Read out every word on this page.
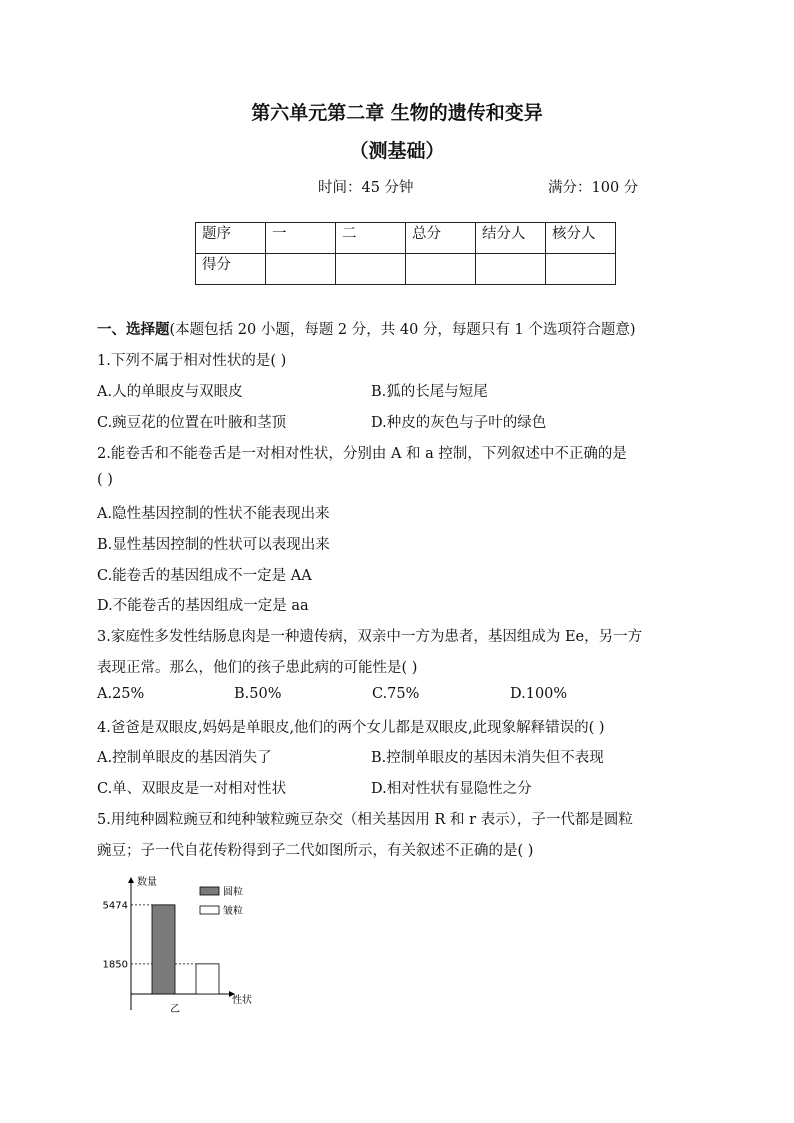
第六单元第二章 生物的遗传和变异
（测基础）
时间：45 分钟	满分：100 分
题序	一	二	总分	结分人	核分人
得分					
一、选择题(本题包括 20 小题，每题 2 分，共 40 分，每题只有 1 个选项符合题意)
1.下列不属于相对性状的是( )
A.人的单眼皮与双眼皮	B.狐的长尾与短尾
C.豌豆花的位置在叶腋和茎顶	D.种皮的灰色与子叶的绿色
2.能卷舌和不能卷舌是一对相对性状，分别由 A 和 a 控制，下列叙述中不正确的是
( )
A.隐性基因控制的性状不能表现出来
B.显性基因控制的性状可以表现出来
C.能卷舌的基因组成不一定是 AA
D.不能卷舌的基因组成一定是 aa
3.家庭性多发性结肠息肉是一种遗传病，双亲中一方为患者，基因组成为 Ee，另一方
表现正常。那么，他们的孩子患此病的可能性是( )
A.25%	B.50%	C.75%	D.100%
4.爸爸是双眼皮,妈妈是单眼皮,他们的两个女儿都是双眼皮,此现象解释错误的( )
A.控制单眼皮的基因消失了	B.控制单眼皮的基因未消失但不表现
C.单、双眼皮是一对相对性状	D.相对性状有显隐性之分
5.用纯种圆粒豌豆和纯种皱粒豌豆杂交（相关基因用 R 和 r 表示），子一代都是圆粒
豌豆；子一代自花传粉得到子二代如图所示，有关叙述不正确的是( )
数量
性状
乙
圆粒
皱粒
5474
1850
